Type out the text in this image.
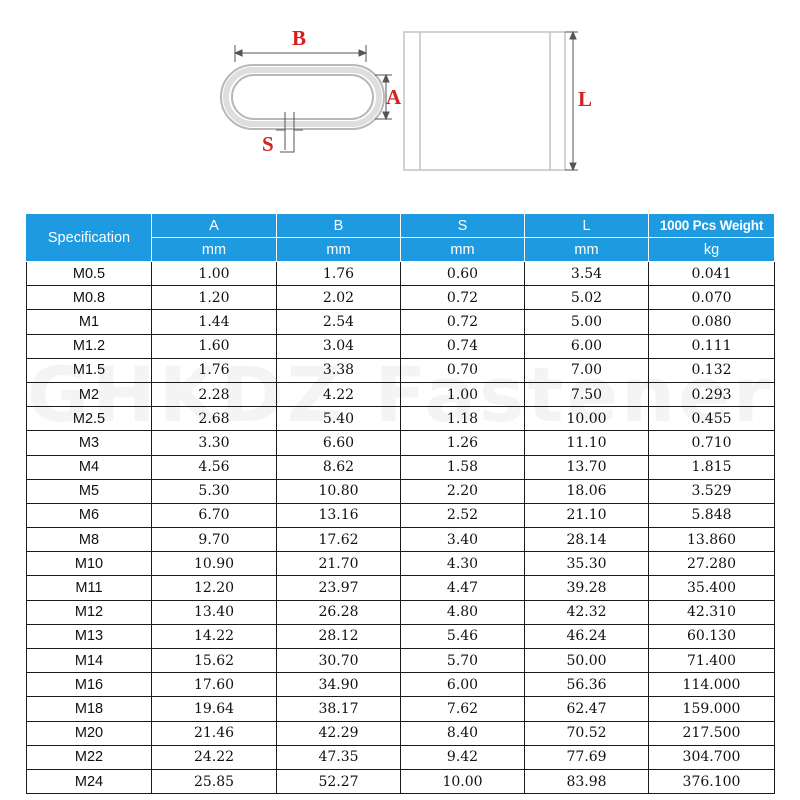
B
A
S
L
Specification	A	B	S	L	1000 Pcs Weight
	mm	mm	mm	mm	kg
M0.5	1.00	1.76	0.60	3.54	0.041
M0.8	1.20	2.02	0.72	5.02	0.070
M1	1.44	2.54	0.72	5.00	0.080
M1.2	1.60	3.04	0.74	6.00	0.111
M1.5	1.76	3.38	0.70	7.00	0.132
M2	2.28	4.22	1.00	7.50	0.293
M2.5	2.68	5.40	1.18	10.00	0.455
M3	3.30	6.60	1.26	11.10	0.710
M4	4.56	8.62	1.58	13.70	1.815
M5	5.30	10.80	2.20	18.06	3.529
M6	6.70	13.16	2.52	21.10	5.848
M8	9.70	17.62	3.40	28.14	13.860
M10	10.90	21.70	4.30	35.30	27.280
M11	12.20	23.97	4.47	39.28	35.400
M12	13.40	26.28	4.80	42.32	42.310
M13	14.22	28.12	5.46	46.24	60.130
M14	15.62	30.70	5.70	50.00	71.400
M16	17.60	34.90	6.00	56.36	114.000
M18	19.64	38.17	7.62	62.47	159.000
M20	21.46	42.29	8.40	70.52	217.500
M22	24.22	47.35	9.42	77.69	304.700
M24	25.85	52.27	10.00	83.98	376.100
